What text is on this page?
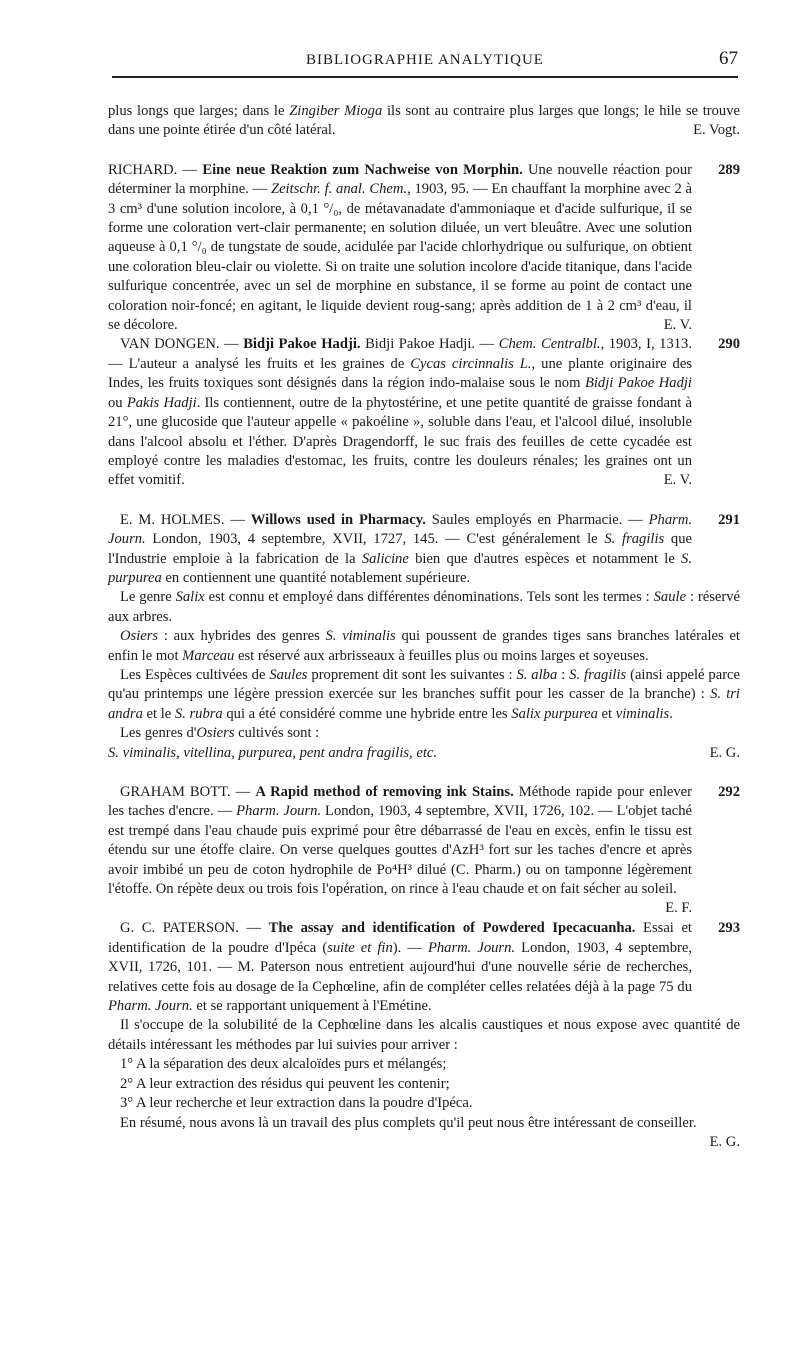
BIBLIOGRAPHIE ANALYTIQUE	67

plus longs que larges; dans le Zingiber Mioga ils sont au contraire plus larges que longs; le hile se trouve dans une pointe étirée d'un côté latéral.	E. Vogt.

289

RICHARD. — Eine neue Reaktion zum Nachweise von Morphin. Une nouvelle réaction pour déterminer la morphine. — Zeitschr. f. anal. Chem., 1903, 95. — En chauffant la morphine avec 2 à 3 cm³ d'une solution incolore, à 0,1 °/₀, de métavanadate d'ammoniaque et d'acide sulfurique, il se forme une coloration vert-clair permanente; en solution diluée, un vert bleuâtre. Avec une solution aqueuse à 0,1 °/₀ de tungstate de soude, acidulée par l'acide chlorhydrique ou sulfurique, on obtient une coloration bleu-clair ou violette. Si on traite une solution incolore d'acide titanique, dans l'acide sulfurique concentrée, avec un sel de morphine en substance, il se forme au point de contact une coloration noir-foncé; en agitant, le liquide devient roug-sang; après addition de 1 à 2 cm³ d'eau, il se décolore.	E. V.

290

VAN DONGEN. — Bidji Pakoe Hadji. Bidji Pakoe Hadji. — Chem. Centralbl., 1903, I, 1313. — L'auteur a analysé les fruits et les graines de Cycas circinnalis L., une plante originaire des Indes, les fruits toxiques sont désignés dans la région indo-malaise sous le nom Bidji Pakoe Hadji ou Pakis Hadji. Ils contiennent, outre de la phytostérine, et une petite quantité de graisse fondant à 21°, une glucoside que l'auteur appelle « pakoéline », soluble dans l'eau, et l'alcool dilué, insoluble dans l'alcool absolu et l'éther. D'après Dragendorff, le suc frais des feuilles de cette cycadée est employé contre les maladies d'estomac, les fruits, contre les douleurs rénales; les graines ont un effet vomitif.	E. V.

291

E. M. HOLMES. — Willows used in Pharmacy. Saules employés en Pharmacie. — Pharm. Journ. London, 1903, 4 septembre, XVII, 1727, 145. — C'est généralement le S. fragilis que l'Industrie emploie à la fabrication de la Salicine bien que d'autres espèces et notamment le S. purpurea en contiennent une quantité notablement supérieure.

Le genre Salix est connu et employé dans différentes dénominations. Tels sont les termes : Saule : réservé aux arbres.

Osiers : aux hybrides des genres S. viminalis qui poussent de grandes tiges sans branches latérales et enfin le mot Marceau est réservé aux arbrisseaux à feuilles plus ou moins larges et soyeuses.

Les Espèces cultivées de Saules proprement dit sont les suivantes : S. alba : S. fragilis (ainsi appelé parce qu'au printemps une légère pression exercée sur les branches suffit pour les casser de la branche) : S. tri andra et le S. rubra qui a été considéré comme une hybride entre les Salix purpurea et viminalis.

Les genres d'Osiers cultivés sont :

S. viminalis, vitellina, purpurea, pent andra fragilis, etc.	E. G.

292

GRAHAM BOTT. — A Rapid method of removing ink Stains. Méthode rapide pour enlever les taches d'encre. — Pharm. Journ. London, 1903, 4 septembre, XVII, 1726, 102. — L'objet taché est trempé dans l'eau chaude puis exprimé pour être débarrassé de l'eau en excès, enfin le tissu est étendu sur une étoffe claire. On verse quelques gouttes d'AzH³ fort sur les taches d'encre et après avoir imbibé un peu de coton hydrophile de Po⁴H³ dilué (C. Pharm.) ou on tamponne légèrement l'étoffe. On répète deux ou trois fois l'opération, on rince à l'eau chaude et on fait sécher au soleil.
E. F.

293

G. C. PATERSON. — The assay and identification of Powdered Ipecacuanha. Essai et identification de la poudre d'Ipéca (suite et fin). — Pharm. Journ. London, 1903, 4 septembre, XVII, 1726, 101. — M. Paterson nous entretient aujourd'hui d'une nouvelle série de recherches, relatives cette fois au dosage de la Cephœline, afin de compléter celles relatées déjà à la page 75 du Pharm. Journ. et se rapportant uniquement à l'Emétine.

Il s'occupe de la solubilité de la Cephœline dans les alcalis caustiques et nous expose avec quantité de détails intéressant les méthodes par lui suivies pour arriver :

1° A la séparation des deux alcaloïdes purs et mélangés;

2° A leur extraction des résidus qui peuvent les contenir;

3° A leur recherche et leur extraction dans la poudre d'Ipéca.

En résumé, nous avons là un travail des plus complets qu'il peut nous être intéressant de conseiller.
E. G.
